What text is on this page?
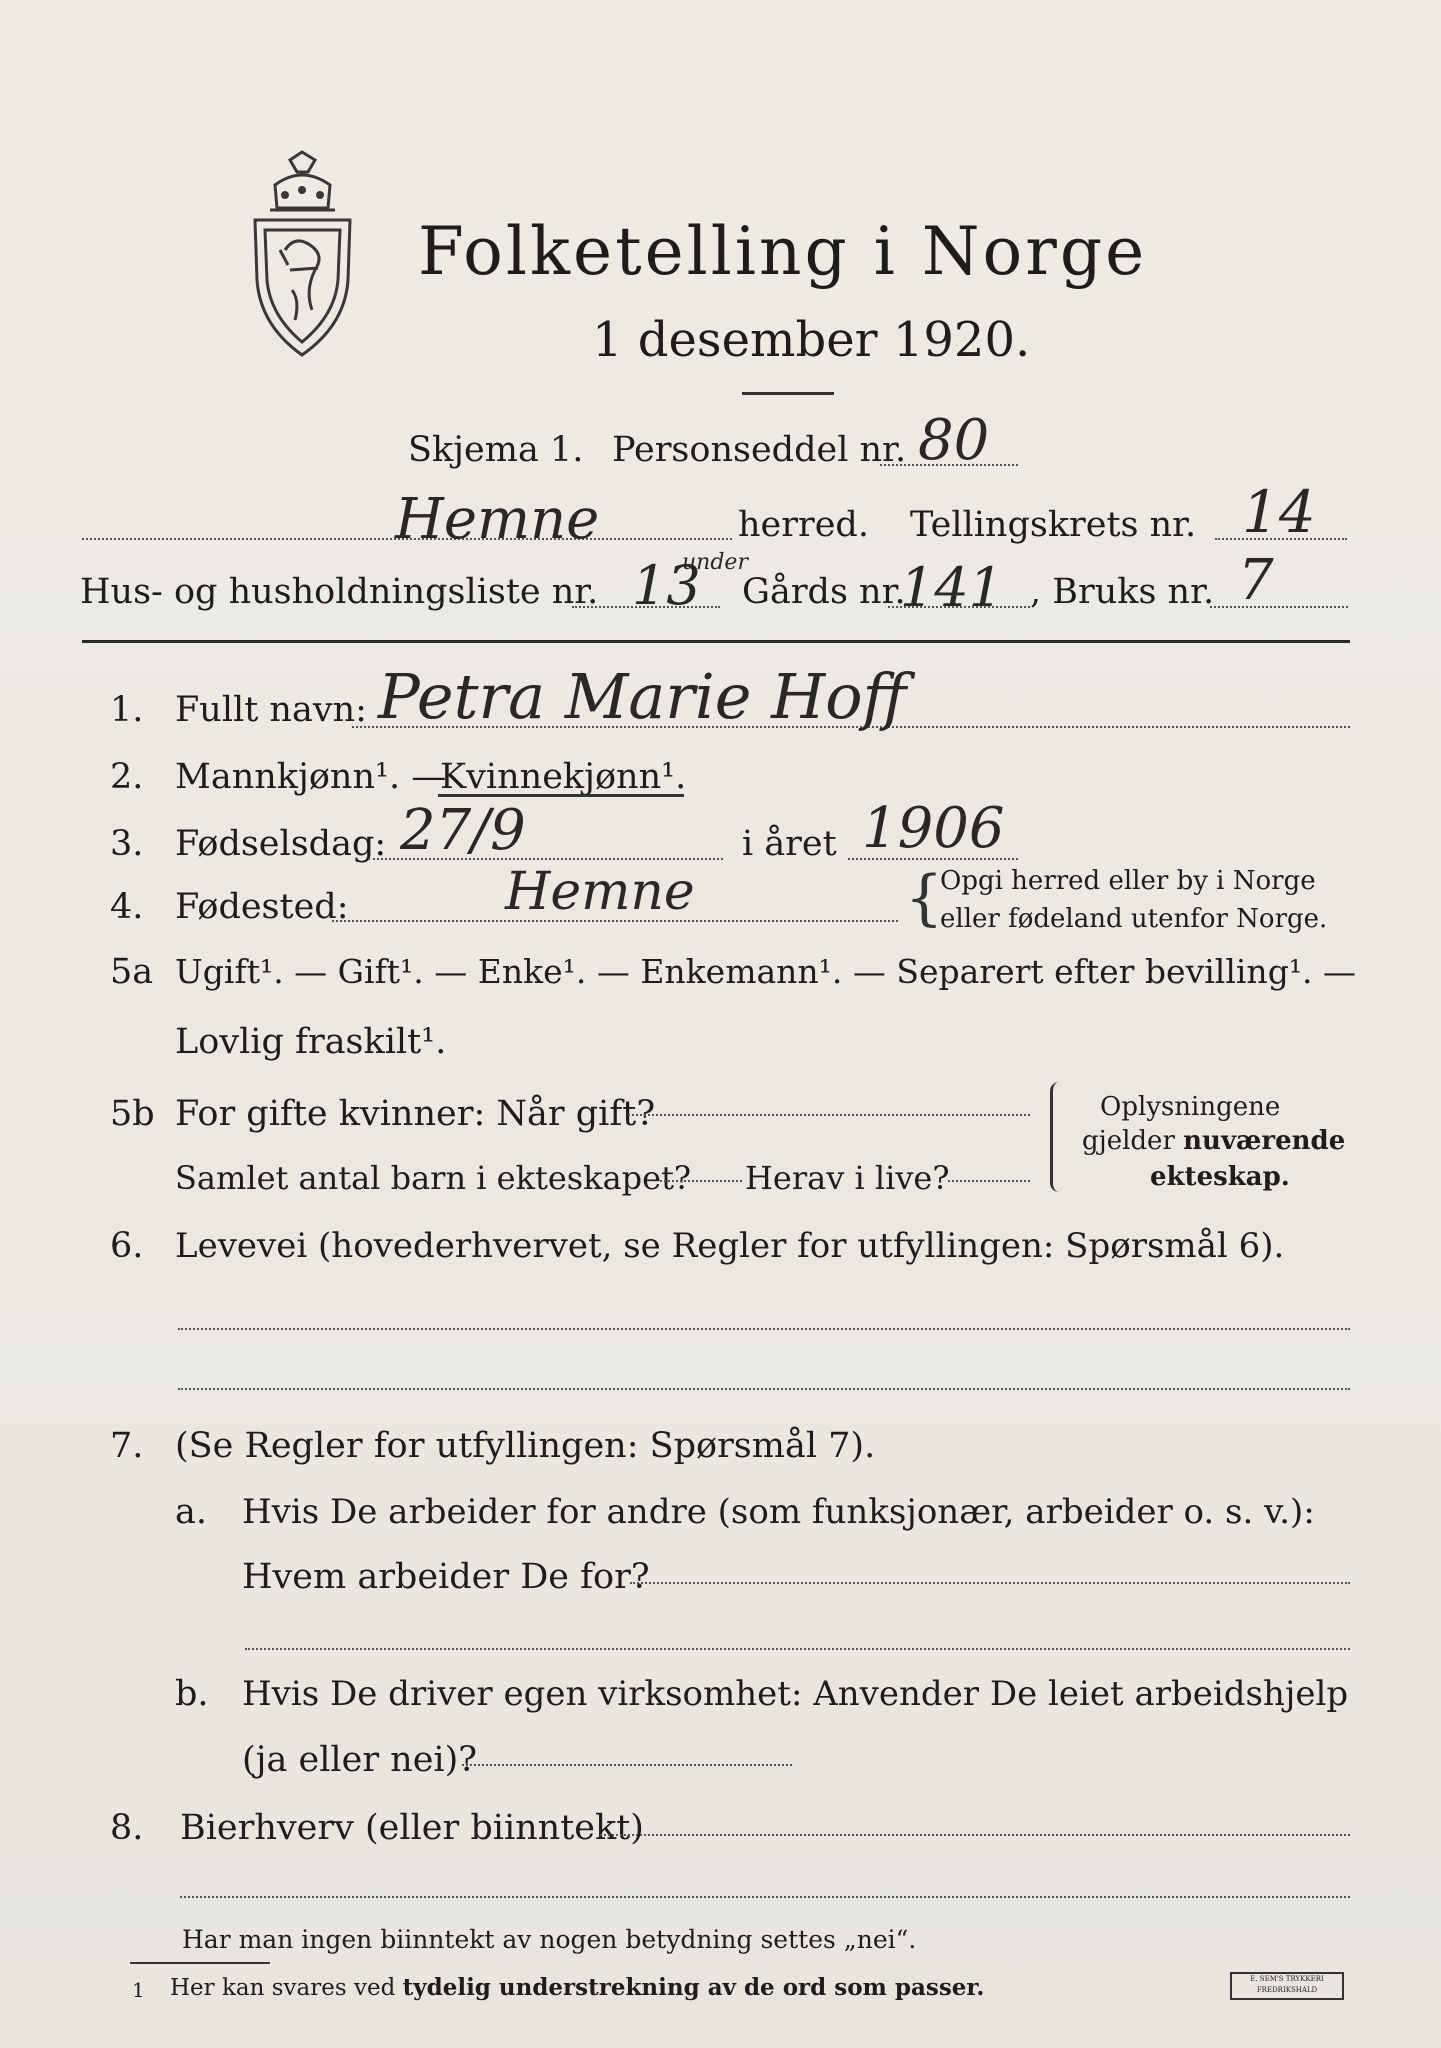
Folketelling i Norge
1 desember 1920.
Skjema 1. Personseddel nr. 80
Hemne	herred. Tellingskrets nr. 14
Hus- og husholdningsliste nr. 13
under
Gårds nr.
141 , Bruks nr. 7
1. Fullt navn: Petra Marie Hoff
2. Mannkjønn¹. —
Kvinnekjønn¹.
3. Fødselsdag: 27/9	i året 1906
4. Fødested:	Hemne	{
Opgi herred eller by i Norge
eller fødeland utenfor Norge.
5a Ugift¹. — Gift¹. — Enke¹. — Enkemann¹. — Separert efter bevilling¹. —
Lovlig fraskilt¹.
5b For gifte kvinner: Når gift?
Samlet antal barn i ekteskapet? Herav i live?
Oplysningene
gjelder nuværende
ekteskap.
6. Levevei (hovederhvervet, se Regler for utfyllingen: Spørsmål 6).
7. (Se Regler for utfyllingen: Spørsmål 7).
a. Hvis De arbeider for andre (som funksjonær, arbeider o. s. v.):
Hvem arbeider De for?
b. Hvis De driver egen virksomhet: Anvender De leiet arbeidshjelp
(ja eller nei)?
8. Bierhverv (eller biinntekt)
Har man ingen biinntekt av nogen betydning settes „nei“.
1 Her kan svares ved tydelig understrekning av de ord som passer.	E. SEM'S TRYKKERI FREDRIKSHALD
